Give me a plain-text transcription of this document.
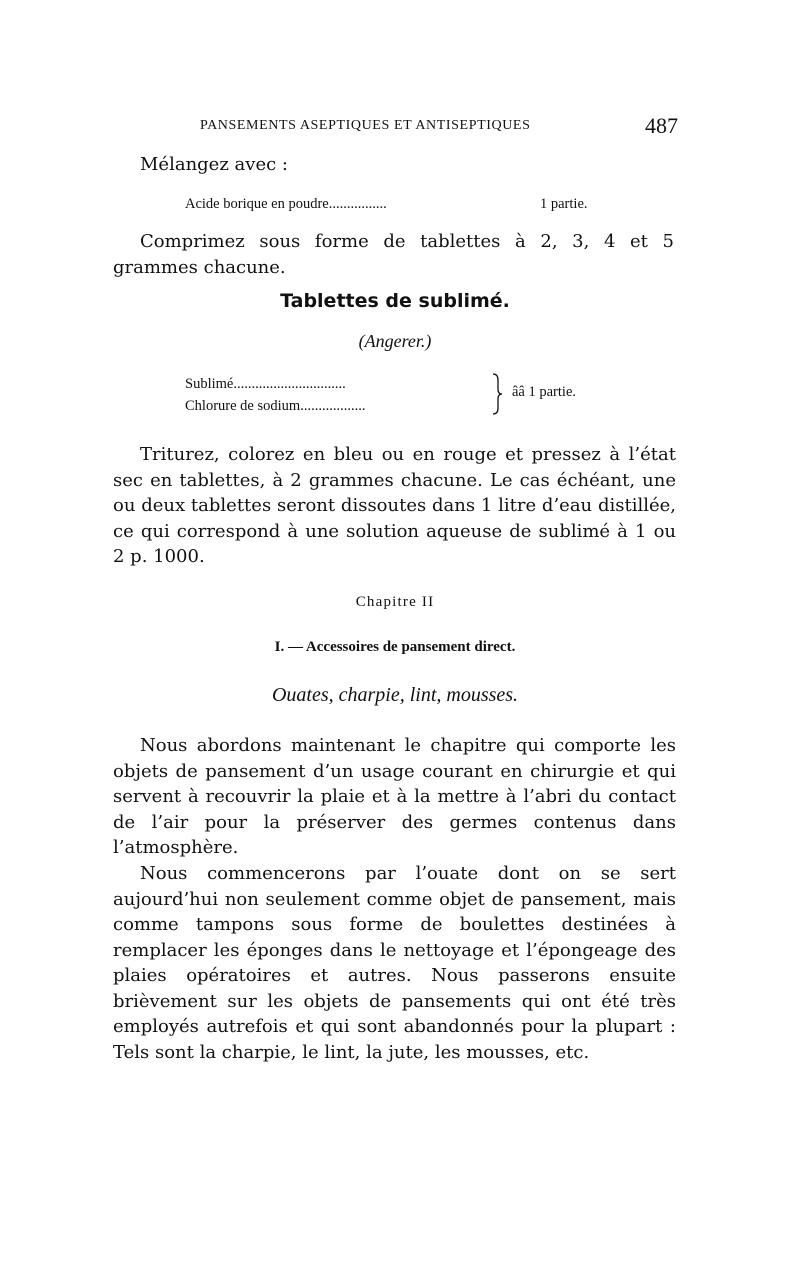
PANSEMENTS ASEPTIQUES ET ANTISEPTIQUES	487
Mélangez avec :
Acide borique en poudre................	1 partie.
Comprimez sous forme de tablettes à 2, 3, 4 et 5 grammes chacune.
Tablettes de sublimé.
(Angerer.)
Sublimé...............................
Chlorure de sodium..................
ââ 1 partie.
Triturez, colorez en bleu ou en rouge et pressez à l’état sec en tablettes, à 2 grammes chacune. Le cas échéant, une ou deux tablettes seront dissoutes dans 1 litre d’eau distillée, ce qui correspond à une solution aqueuse de sublimé à 1 ou 2 p. 1000.
Chapitre II
I. — Accessoires de pansement direct.
Ouates, charpie, lint, mousses.
Nous abordons maintenant le chapitre qui comporte les objets de pansement d’un usage courant en chirurgie et qui servent à recouvrir la plaie et à la mettre à l’abri du contact de l’air pour la préserver des germes contenus dans l’atmosphère.
Nous commencerons par l’ouate dont on se sert aujourd’hui non seulement comme objet de pansement, mais comme tampons sous forme de boulettes destinées à remplacer les éponges dans le nettoyage et l’épongeage des plaies opératoires et autres. Nous passerons ensuite brièvement sur les objets de pansements qui ont été très employés autrefois et qui sont abandonnés pour la plupart : Tels sont la charpie, le lint, la jute, les mousses, etc.
